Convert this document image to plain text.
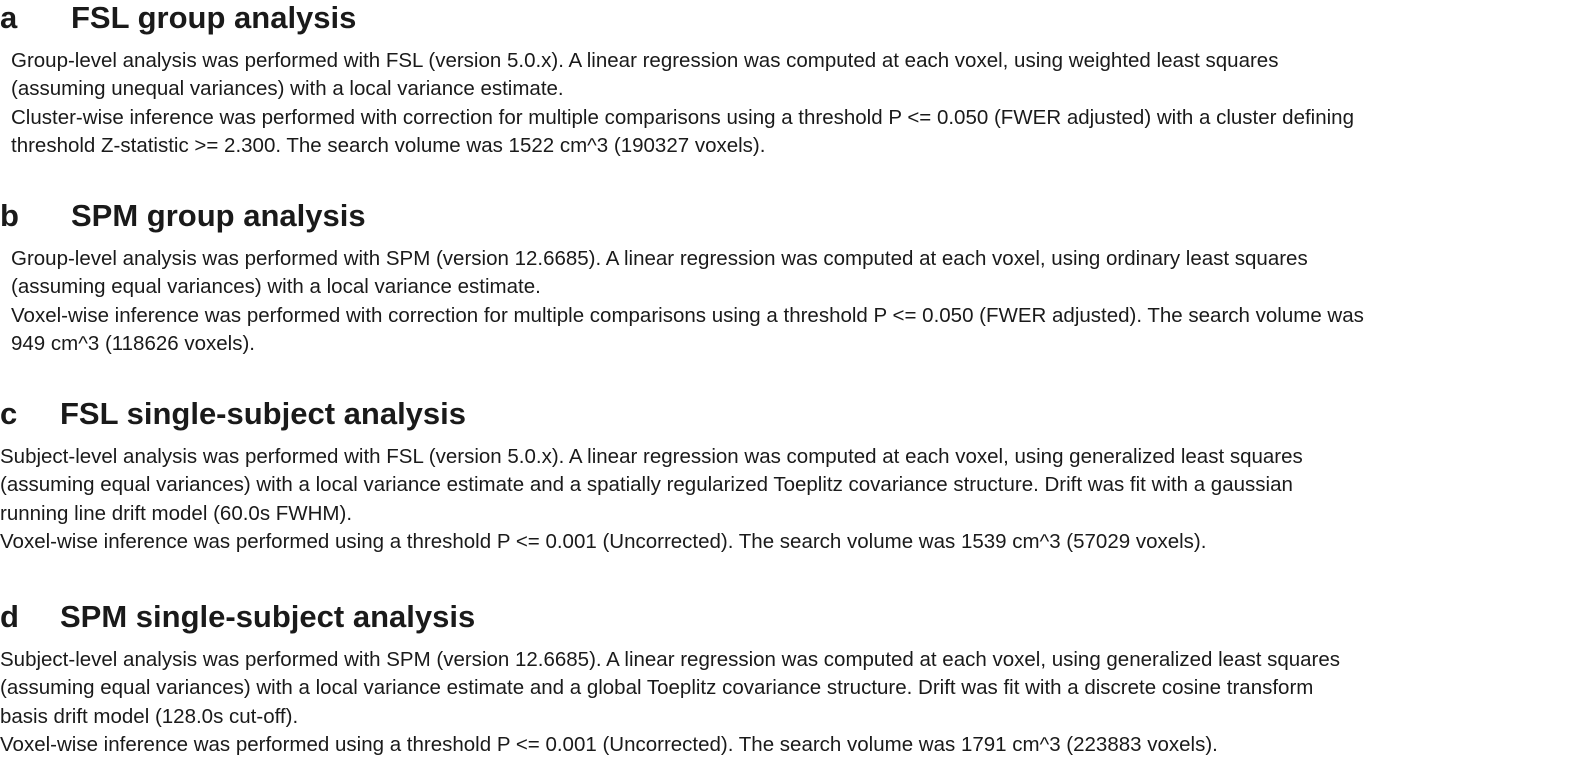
a FSL group analysis

Group-level analysis was performed with FSL (version 5.0.x). A linear regression was computed at each voxel, using weighted least squares
(assuming unequal variances) with a local variance estimate.

Cluster-wise inference was performed with correction for multiple comparisons using a threshold P <= 0.050 (FWER adjusted) with a cluster defining
threshold Z-statistic >= 2.300. The search volume was 1522 cm^3 (190327 voxels).

b SPM group analysis

Group-level analysis was performed with SPM (version 12.6685). A linear regression was computed at each voxel, using ordinary least squares
(assuming equal variances) with a local variance estimate.

Voxel-wise inference was performed with correction for multiple comparisons using a threshold P <= 0.050 (FWER adjusted). The search volume was
949 cm^3 (118626 voxels).

c FSL single-subject analysis

Subject-level analysis was performed with FSL (version 5.0.x). A linear regression was computed at each voxel, using generalized least squares
(assuming equal variances) with a local variance estimate and a spatially regularized Toeplitz covariance structure. Drift was fit with a gaussian
running line drift model (60.0s FWHM).

Voxel-wise inference was performed using a threshold P <= 0.001 (Uncorrected). The search volume was 1539 cm^3 (57029 voxels).

d SPM single-subject analysis

Subject-level analysis was performed with SPM (version 12.6685). A linear regression was computed at each voxel, using generalized least squares
(assuming equal variances) with a local variance estimate and a global Toeplitz covariance structure. Drift was fit with a discrete cosine transform
basis drift model (128.0s cut-off).

Voxel-wise inference was performed using a threshold P <= 0.001 (Uncorrected). The search volume was 1791 cm^3 (223883 voxels).
